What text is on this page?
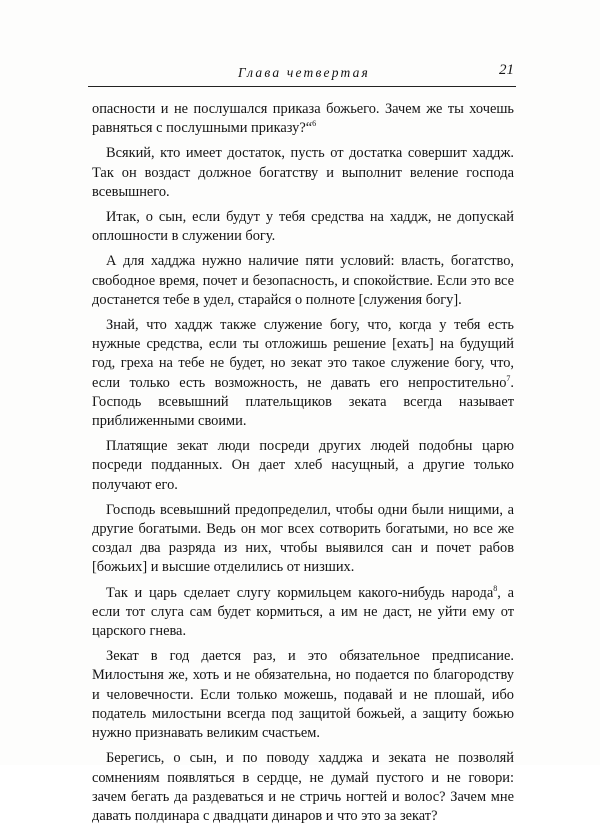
Глава четвертая	21

опасности и не послушался приказа божьего. Зачем же ты хочешь равняться с послушными приказу?“$^6$

Всякий, кто имеет достаток, пусть от достатка совершит хаддж. Так он воздаст должное богатству и выполнит веление господа всевышнего.

Итак, о сын, если будут у тебя средства на хаддж, не допускай оплошности в служении богу.

А для хадджа нужно наличие пяти условий: власть, богатство, свободное время, почет и безопасность, и спокойствие. Если это все достанется тебе в удел, старайся о полноте [служения богу].

Знай, что хаддж также служение богу, что, когда у тебя есть нужные средства, если ты отложишь решение [ехать] на будущий год, греха на тебе не будет, но зекат это такое служение богу, что, если только есть возможность, не давать его непростительно$^7$. Господь всевышний плательщиков зеката всегда называет приближенными своими.

Платящие зекат люди посреди других людей подобны царю посреди подданных. Он дает хлеб насущный, а другие только получают его.

Господь всевышний предопределил, чтобы одни были нищими, а другие богатыми. Ведь он мог всех сотворить богатыми, но все же создал два разряда из них, чтобы выявился сан и почет рабов [божьих] и высшие отделились от низших.

Так и царь сделает слугу кормильцем какого-нибудь народа$^8$, а если тот слуга сам будет кормиться, а им не даст, не уйти ему от царского гнева.

Зекат в год дается раз, и это обязательное предписание. Милостыня же, хоть и не обязательна, но подается по благородству и человечности. Если только можешь, подавай и не плошай, ибо податель милостыни всегда под защитой божьей, а защиту божью нужно признавать великим счастьем.

Берегись, о сын, и по поводу хадджа и зеката не позволяй сомнениям появляться в сердце, не думай пустого и не говори: зачем бегать да раздеваться и не стричь ногтей и волос? Зачем мне давать полдинара с двадцати динаров и что это за зекат?
